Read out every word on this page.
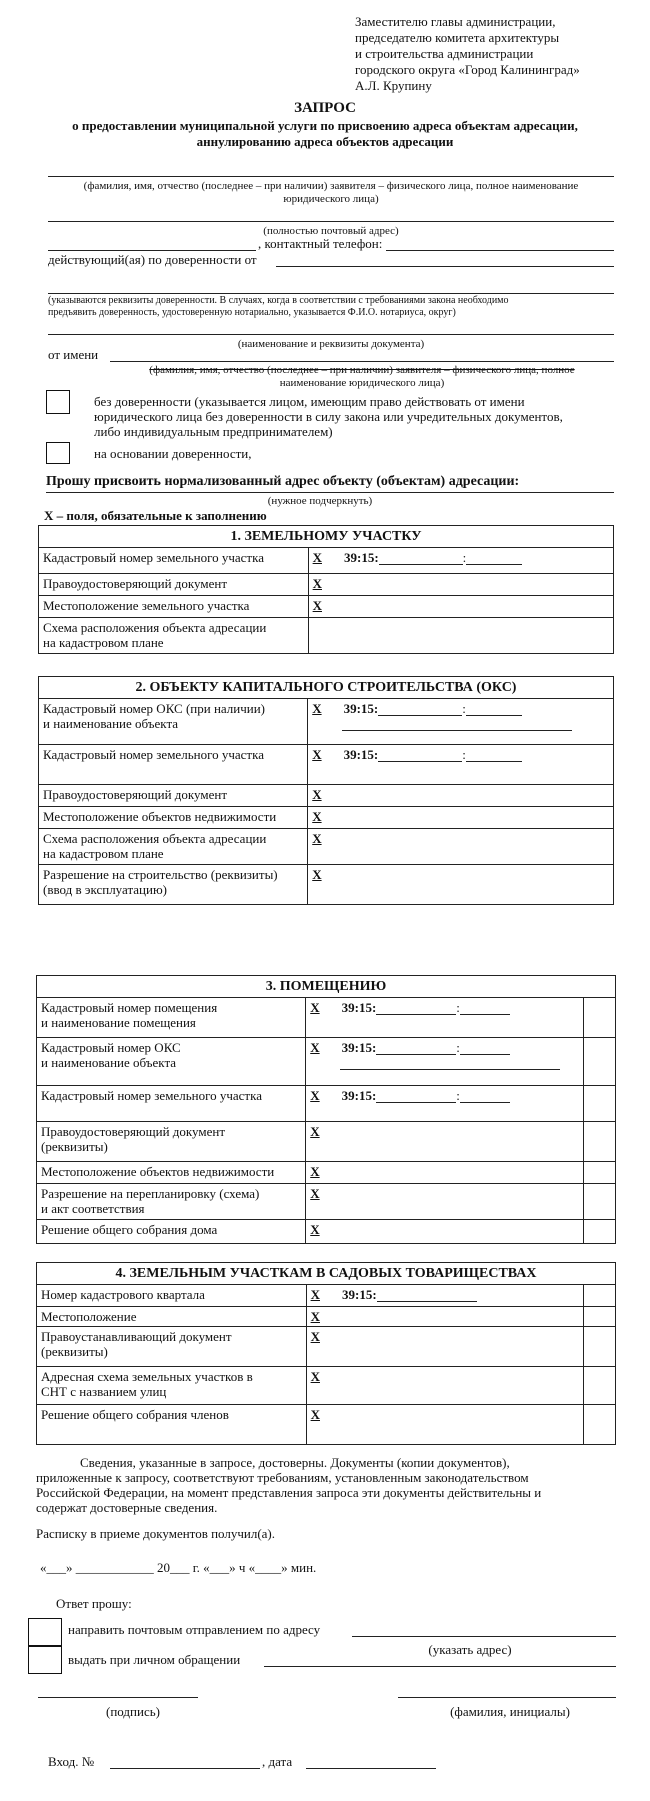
Заместителю главы администрации,
председателю комитета архитектуры
и строительства администрации
городского округа «Город Калининград»
А.Л. Крупину
ЗАПРОС
о предоставлении муниципальной услуги по присвоению адреса объектам адресации,
аннулированию адреса объектов адресации
(фамилия, имя, отчество (последнее – при наличии) заявителя – физического лица, полное наименование
юридического лица)
(полностью почтовый адрес)
, контактный телефон:
действующий(ая) по доверенности от
(указываются реквизиты доверенности. В случаях, когда в соответствии с требованиями закона необходимо
предъявить доверенность, удостоверенную нотариально, указывается Ф.И.О. нотариуса, округ)
(наименование и реквизиты документа)
от имени
(фамилия, имя, отчество (последнее – при наличии) заявителя – физического лица, полное
наименование юридического лица)
без доверенности (указывается лицом, имеющим право действовать от имени
юридического лица без доверенности в силу закона или учредительных документов,
либо индивидуальным предпринимателем)
на основании доверенности,
Прошу присвоить нормализованный адрес объекту (объектам) адресации:
(нужное подчеркнуть)
X – поля, обязательные к заполнению
1. ЗЕМЕЛЬНОМУ УЧАСТКУ	
Кадастровый номер земельного участка	X 39:15: :
Правоудостоверяющий документ	X
Местоположение земельного участка	X

Схема расположения объекта адресации
на кадастровом плане	

2. ОБЪЕКТУ КАПИТАЛЬНОГО СТРОИТЕЛЬСТВА (ОКС)	

Кадастровый номер ОКС (при наличии)
и наименование объекта	X 39:15: :

Кадастровый номер земельного участка	X 39:15: :
Правоудостоверяющий документ	X
Местоположение объектов недвижимости	X

Схема расположения объекта адресации
на кадастровом плане	X

Разрешение на строительство (реквизиты)
(ввод в эксплуатацию)	X
3. ПОМЕЩЕНИЮ		

Кадастровый номер помещения
и наименование помещения	X 39:15: :	

Кадастровый номер ОКС
и наименование объекта	X 39:15: :

Кадастровый номер земельного участка	X 39:15: :	

Правоудостоверяющий документ
(реквизиты)	X	
Местоположение объектов недвижимости	X	

Разрешение на перепланировку (схема)
и акт соответствия	X	
Решение общего собрания дома	X	
4. ЗЕМЕЛЬНЫМ УЧАСТКАМ В САДОВЫХ ТОВАРИЩЕСТВАХ		
Номер кадастрового квартала	X 39:15:	
Местоположение	X	

Правоустанавливающий документ
(реквизиты)	X	

Адресная схема земельных участков в
СНТ с названием улиц	X	
Решение общего собрания членов	X	
Сведения, указанные в запросе, достоверны. Документы (копии документов),
приложенные к запросу, соответствуют требованиям, установленным законодательством
Российской Федерации, на момент представления запроса эти документы действительны и
содержат достоверные сведения.
Расписку в приеме документов получил(а).
«___» ____________ 20___ г. «___» ч «____» мин.
Ответ прошу:
направить почтовым отправлением по адресу
(указать адрес)
выдать при личном обращении
(подпись)	(фамилия, инициалы)
Вход. №	, дата
